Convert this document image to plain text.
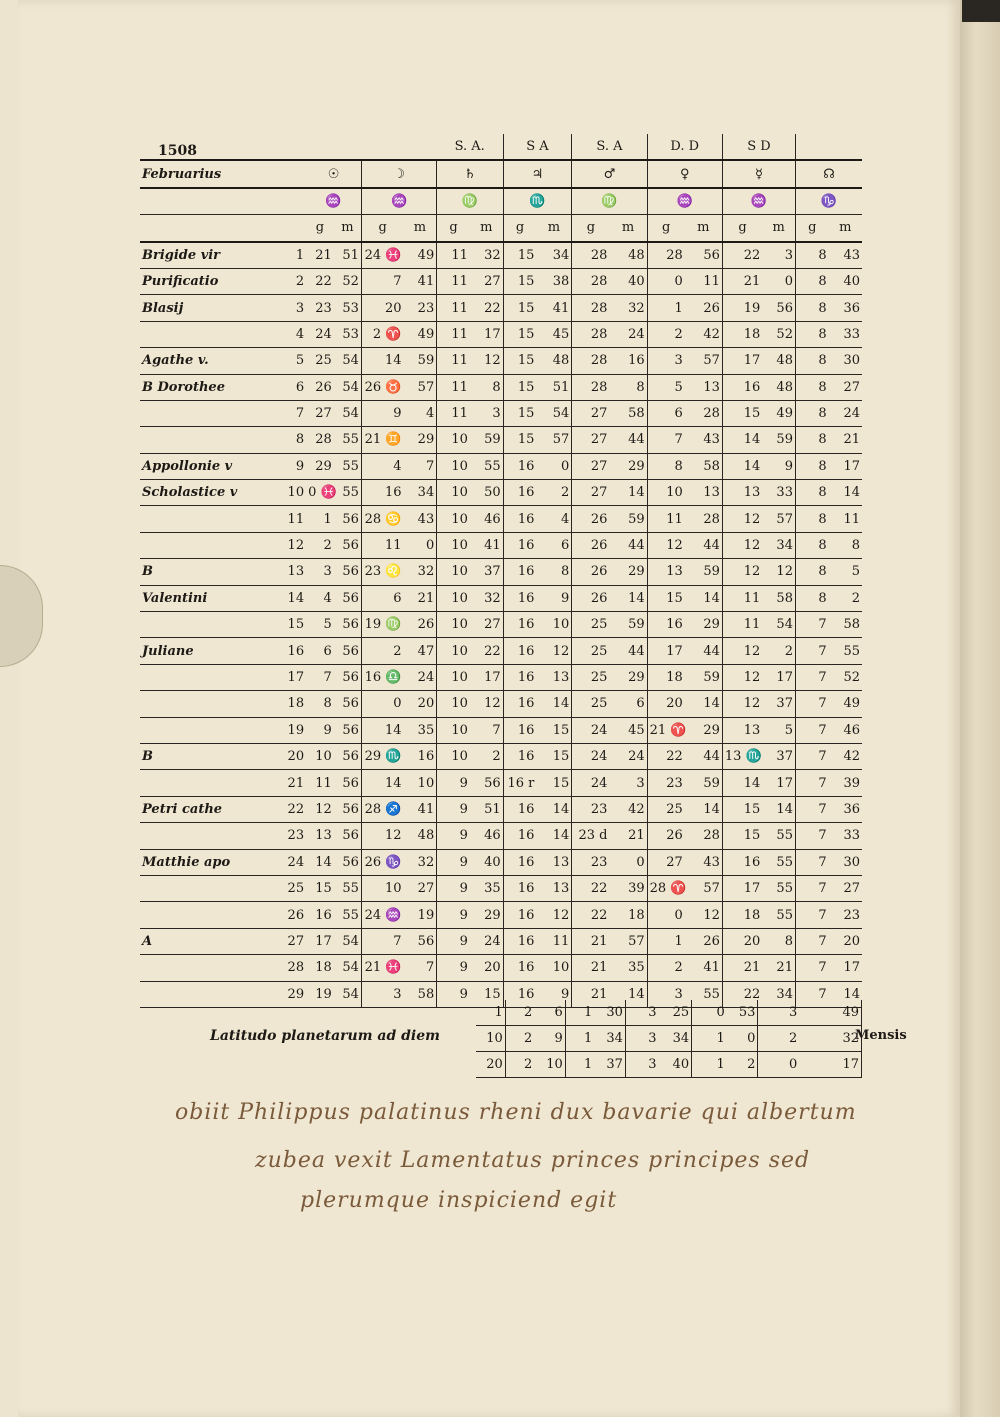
1508
						S. A.		S A		S. A		D. D		S D			
Februarius		☉		☽		♄		♃		♂		♀		☿		☊	
		♒		♒		♍		♏		♍		♒		♒		♑	
		g	m	g	m	g	m	g	m	g	m	g	m	g	m	g	m
Brigide vir	1	21	51	24 ♓	49	11	32	15	34	28	48	28	56	22	3	8	43
Purificatio	2	22	52	7	41	11	27	15	38	28	40	0	11	21	0	8	40
Blasij	3	23	53	20	23	11	22	15	41	28	32	1	26	19	56	8	36
	4	24	53	2 ♈	49	11	17	15	45	28	24	2	42	18	52	8	33
Agathe v.	5	25	54	14	59	11	12	15	48	28	16	3	57	17	48	8	30
B Dorothee	6	26	54	26 ♉	57	11	8	15	51	28	8	5	13	16	48	8	27
	7	27	54	9	4	11	3	15	54	27	58	6	28	15	49	8	24
	8	28	55	21 ♊	29	10	59	15	57	27	44	7	43	14	59	8	21
Appollonie v	9	29	55	4	7	10	55	16	0	27	29	8	58	14	9	8	17
Scholastice v	10	0 ♓	55	16	34	10	50	16	2	27	14	10	13	13	33	8	14
	11	1	56	28 ♋	43	10	46	16	4	26	59	11	28	12	57	8	11
	12	2	56	11	0	10	41	16	6	26	44	12	44	12	34	8	8
B	13	3	56	23 ♌	32	10	37	16	8	26	29	13	59	12	12	8	5
Valentini	14	4	56	6	21	10	32	16	9	26	14	15	14	11	58	8	2
	15	5	56	19 ♍	26	10	27	16	10	25	59	16	29	11	54	7	58
Juliane	16	6	56	2	47	10	22	16	12	25	44	17	44	12	2	7	55
	17	7	56	16 ♎	24	10	17	16	13	25	29	18	59	12	17	7	52
	18	8	56	0	20	10	12	16	14	25	6	20	14	12	37	7	49
	19	9	56	14	35	10	7	16	15	24	45	21 ♈	29	13	5	7	46
B	20	10	56	29 ♏	16	10	2	16	15	24	24	22	44	13 ♏	37	7	42
	21	11	56	14	10	9	56	16 r	15	24	3	23	59	14	17	7	39
Petri cathe	22	12	56	28 ♐	41	9	51	16	14	23	42	25	14	15	14	7	36
	23	13	56	12	48	9	46	16	14	23 d	21	26	28	15	55	7	33
Matthie apo	24	14	56	26 ♑	32	9	40	16	13	23	0	27	43	16	55	7	30
	25	15	55	10	27	9	35	16	13	22	39	28 ♈	57	17	55	7	27
	26	16	55	24 ♒	19	9	29	16	12	22	18	0	12	18	55	7	23
A	27	17	54	7	56	9	24	16	11	21	57	1	26	20	8	7	20
	28	18	54	21 ♓	7	9	20	16	10	21	35	2	41	21	21	7	17
	29	19	54	3	58	9	15	16	9	21	14	3	55	22	34	7	14
	1	2	6	1	30	3	25	0	53	3	49
	10	2	9	1	34	3	34	1	0	2	32
	20	2	10	1	37	3	40	1	2	0	17
Latitudo planetarum ad diem	Mensis
obiit Philippus palatinus rheni dux bavarie qui albertum
zubea vexit Lamentatus princes principes sed
plerumque inspiciend egit
